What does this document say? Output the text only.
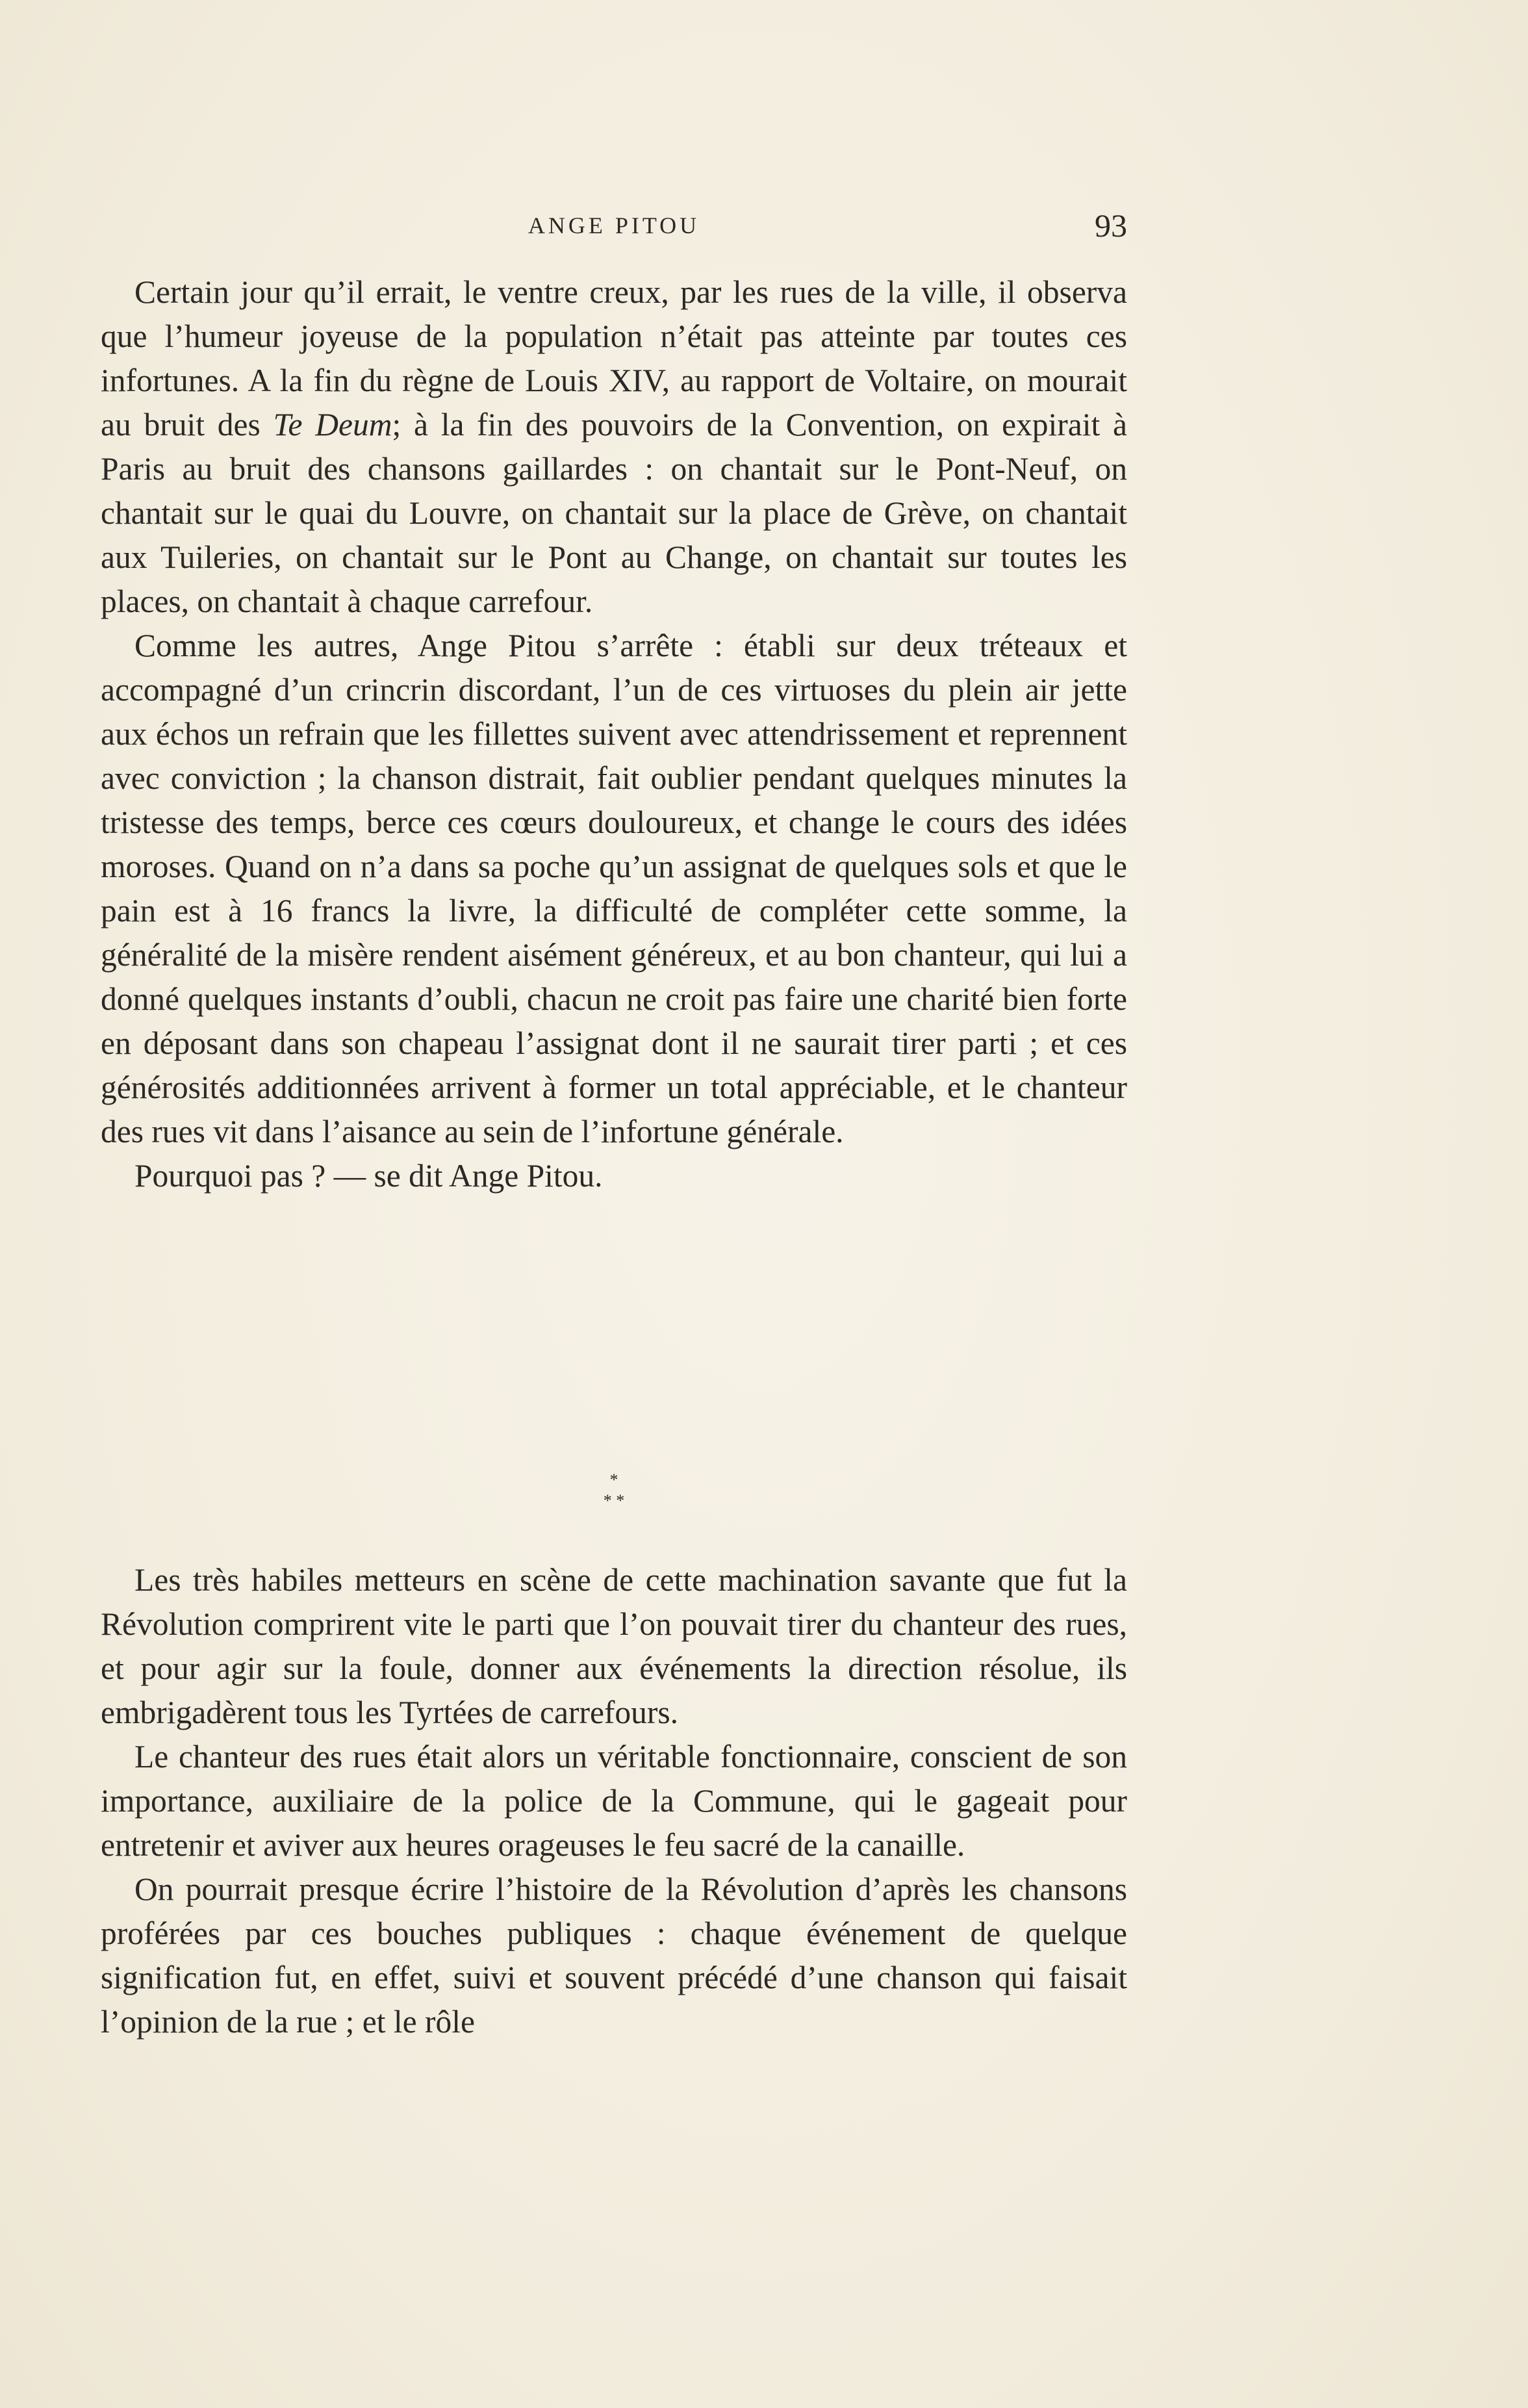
ANGE PITOU	93

Certain jour qu’il errait, le ventre creux, par les rues de la ville, il observa que l’humeur joyeuse de la population n’était pas atteinte par toutes ces infortunes. A la fin du règne de Louis XIV, au rapport de Voltaire, on mourait au bruit des Te Deum; à la fin des pouvoirs de la Convention, on expirait à Paris au bruit des chansons gaillardes : on chantait sur le Pont-Neuf, on chantait sur le quai du Louvre, on chantait sur la place de Grève, on chantait aux Tuileries, on chantait sur le Pont au Change, on chantait sur toutes les places, on chantait à chaque carrefour.

Comme les autres, Ange Pitou s’arrête : établi sur deux tréteaux et accompagné d’un crincrin discordant, l’un de ces virtuoses du plein air jette aux échos un refrain que les fillettes suivent avec attendrissement et reprennent avec conviction ; la chanson distrait, fait oublier pendant quelques minutes la tristesse des temps, berce ces cœurs douloureux, et change le cours des idées moroses. Quand on n’a dans sa poche qu’un assignat de quelques sols et que le pain est à 16 francs la livre, la difficulté de compléter cette somme, la généralité de la misère rendent aisément généreux, et au bon chanteur, qui lui a donné quelques instants d’oubli, chacun ne croit pas faire une charité bien forte en déposant dans son chapeau l’assignat dont il ne saurait tirer parti ; et ces générosités additionnées arrivent à former un total appréciable, et le chanteur des rues vit dans l’aisance au sein de l’infortune générale.

Pourquoi pas ? — se dit Ange Pitou.

*
* *

Les très habiles metteurs en scène de cette machination savante que fut la Révolution comprirent vite le parti que l’on pouvait tirer du chanteur des rues, et pour agir sur la foule, donner aux événements la direction résolue, ils embrigadèrent tous les Tyrtées de carrefours.

Le chanteur des rues était alors un véritable fonctionnaire, conscient de son importance, auxiliaire de la police de la Commune, qui le gageait pour entretenir et aviver aux heures orageuses le feu sacré de la canaille.

On pourrait presque écrire l’histoire de la Révolution d’après les chansons proférées par ces bouches publiques : chaque événement de quelque signification fut, en effet, suivi et souvent précédé d’une chanson qui faisait l’opinion de la rue ; et le rôle
